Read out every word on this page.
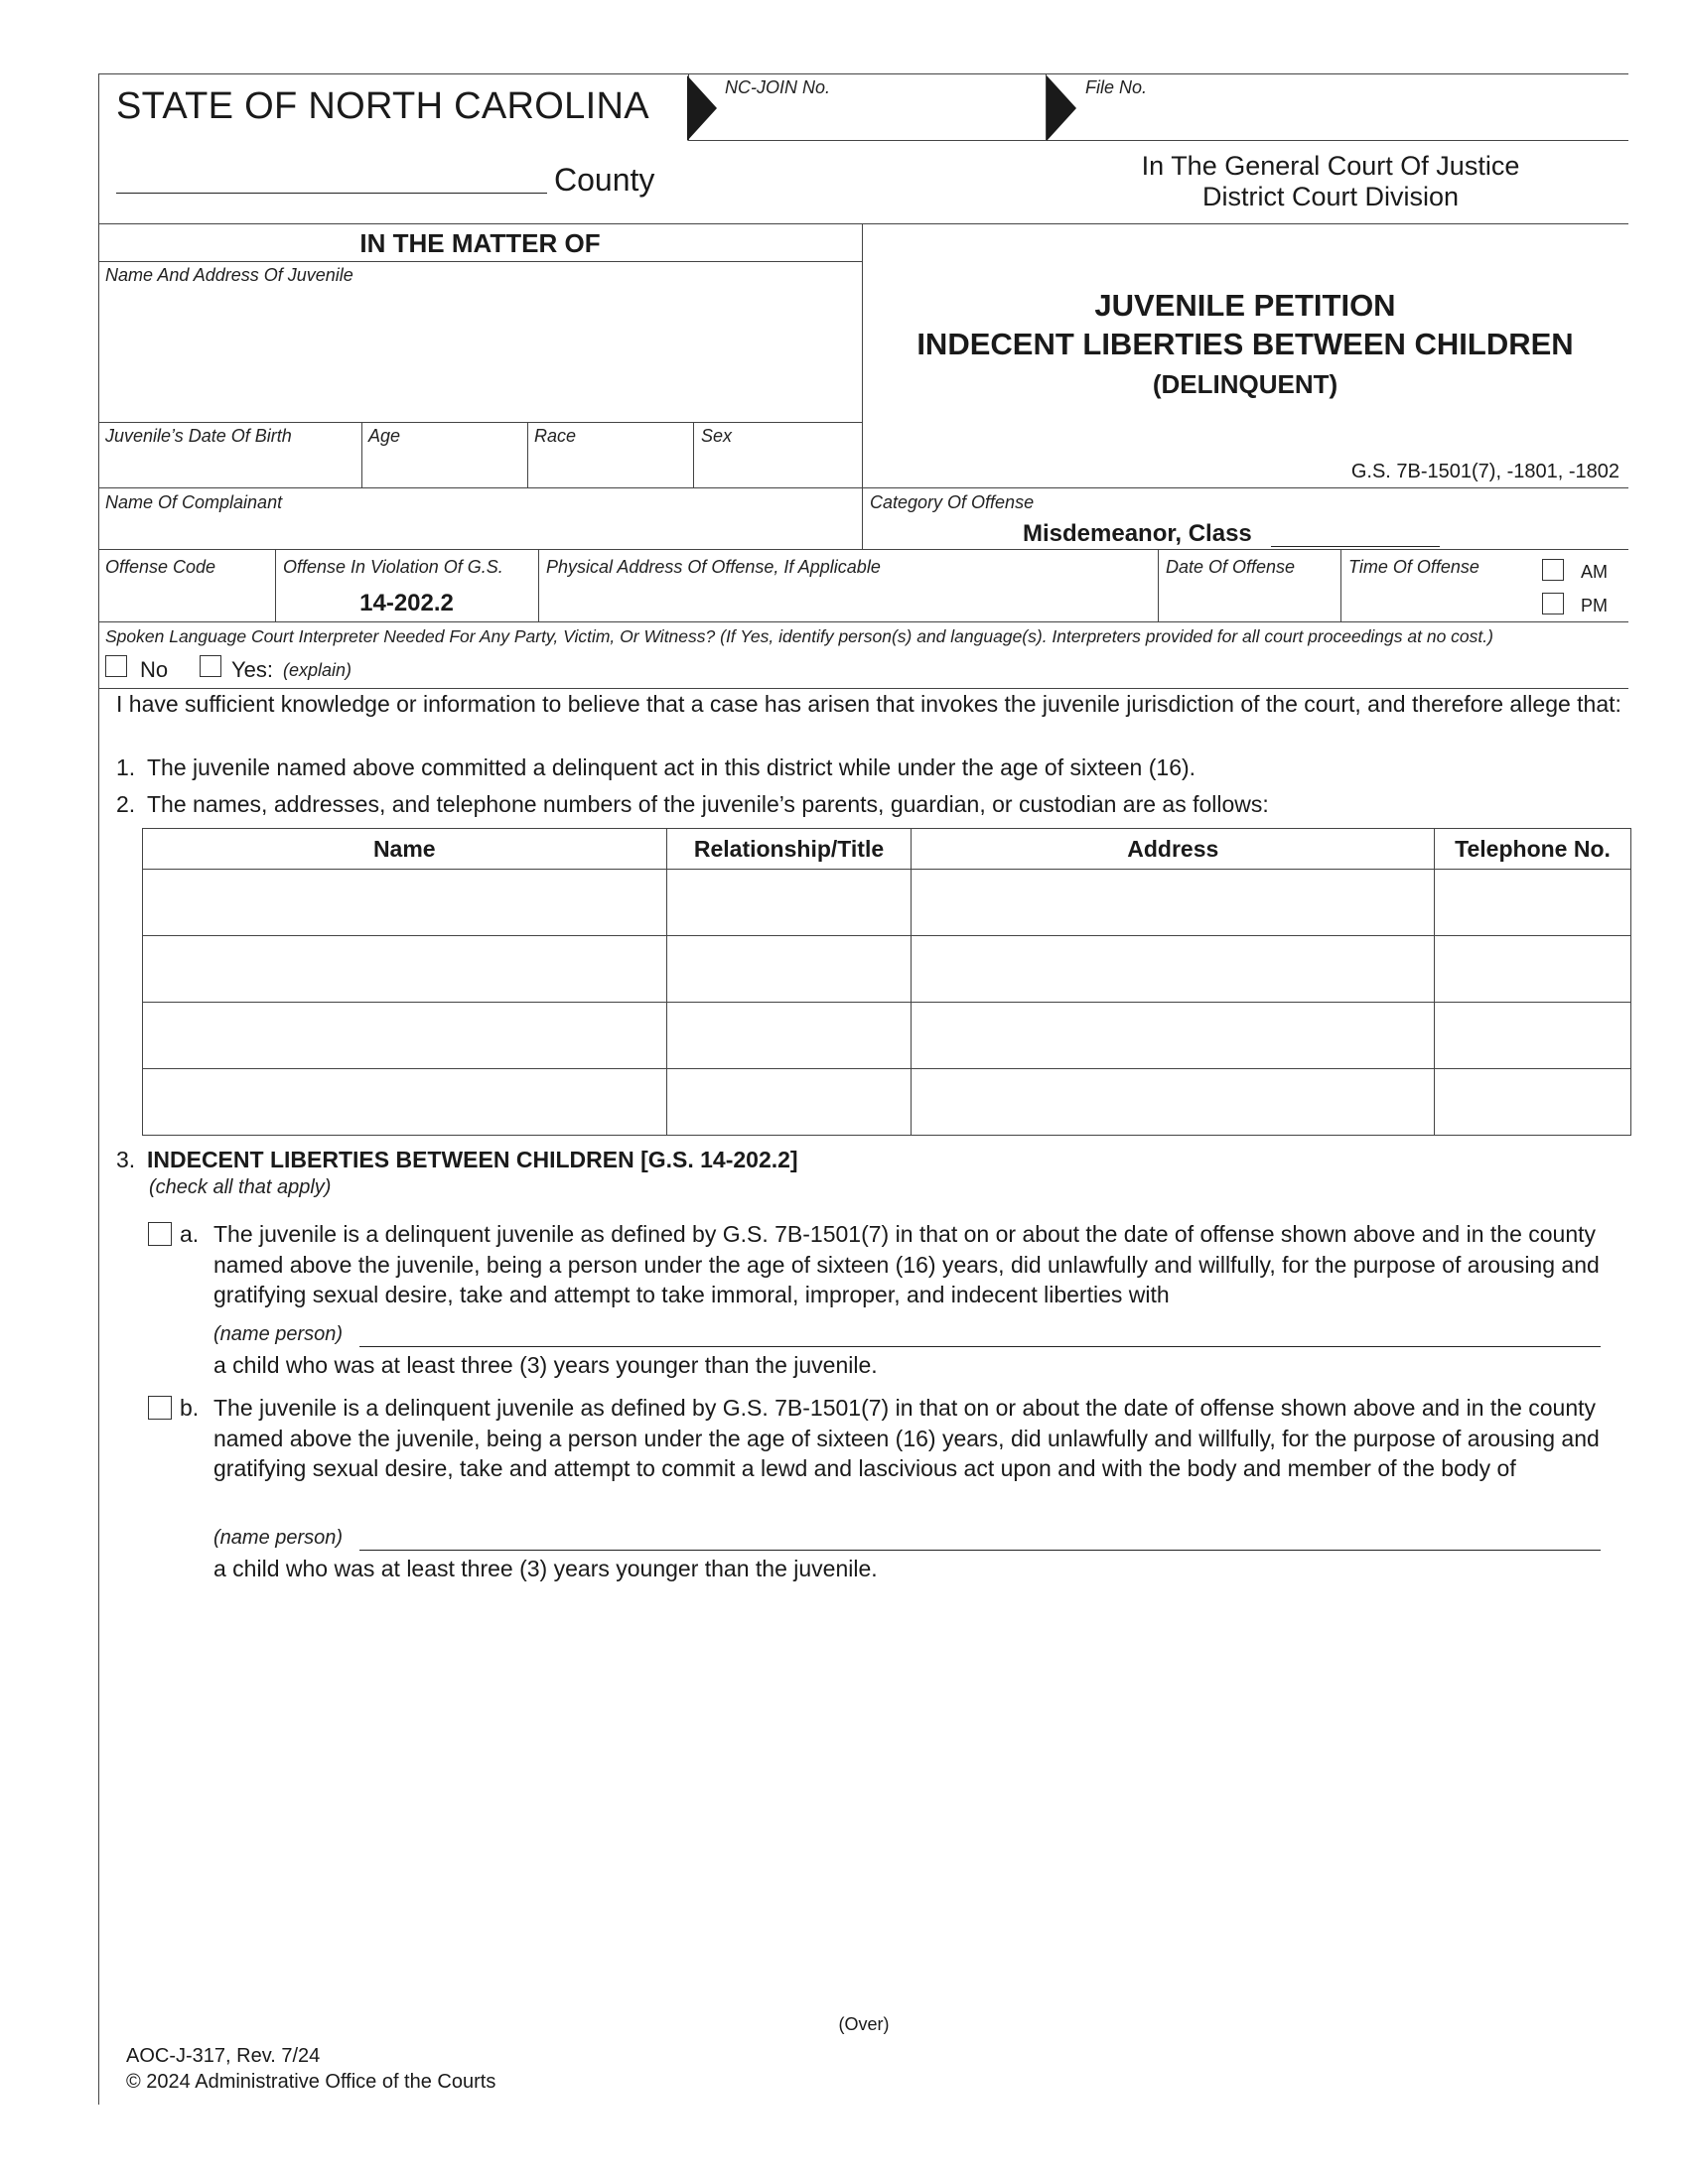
STATE OF NORTH CAROLINA	NC-JOIN No.	File No.
County	In The General Court Of Justice
District Court Division
IN THE MATTER OF
Name And Address Of Juvenile
Juvenile’s Date Of Birth	Age	Race	Sex
Name Of Complainant
JUVENILE PETITION
INDECENT LIBERTIES BETWEEN CHILDREN
(DELINQUENT)
G.S. 7B-1501(7), -1801, -1802
Category Of Offense
Misdemeanor, Class
Offense Code	Offense In Violation Of G.S.
14-202.2
Physical Address Of Offense, If Applicable	Date Of Offense	Time Of Offense	AM
PM
Spoken Language Court Interpreter Needed For Any Party, Victim, Or Witness? (If Yes, identify person(s) and language(s). Interpreters provided for all court proceedings at no cost.)
No	Yes: (explain)
I have sufficient knowledge or information to believe that a case has arisen that invokes the juvenile jurisdiction of the court, and therefore allege that:
1. The juvenile named above committed a delinquent act in this district while under the age of sixteen (16).
2. The names, addresses, and telephone numbers of the juvenile’s parents, guardian, or custodian are as follows:
Name	Relationship/Title	Address	Telephone No.

3. INDECENT LIBERTIES BETWEEN CHILDREN [G.S. 14-202.2]
(check all that apply)
a. The juvenile is a delinquent juvenile as defined by G.S. 7B-1501(7) in that on or about the date of offense shown above and in the county named above the juvenile, being a person under the age of sixteen (16) years, did unlawfully and willfully, for the purpose of arousing and gratifying sexual desire, take and attempt to take immoral, improper, and indecent liberties with
(name person)
a child who was at least three (3) years younger than the juvenile.
b. The juvenile is a delinquent juvenile as defined by G.S. 7B-1501(7) in that on or about the date of offense shown above and in the county named above the juvenile, being a person under the age of sixteen (16) years, did unlawfully and willfully, for the purpose of arousing and gratifying sexual desire, take and attempt to commit a lewd and lascivious act upon and with the body and member of the body of
(name person)
a child who was at least three (3) years younger than the juvenile.
(Over)
AOC-J-317, Rev. 7/24
© 2024 Administrative Office of the Courts
